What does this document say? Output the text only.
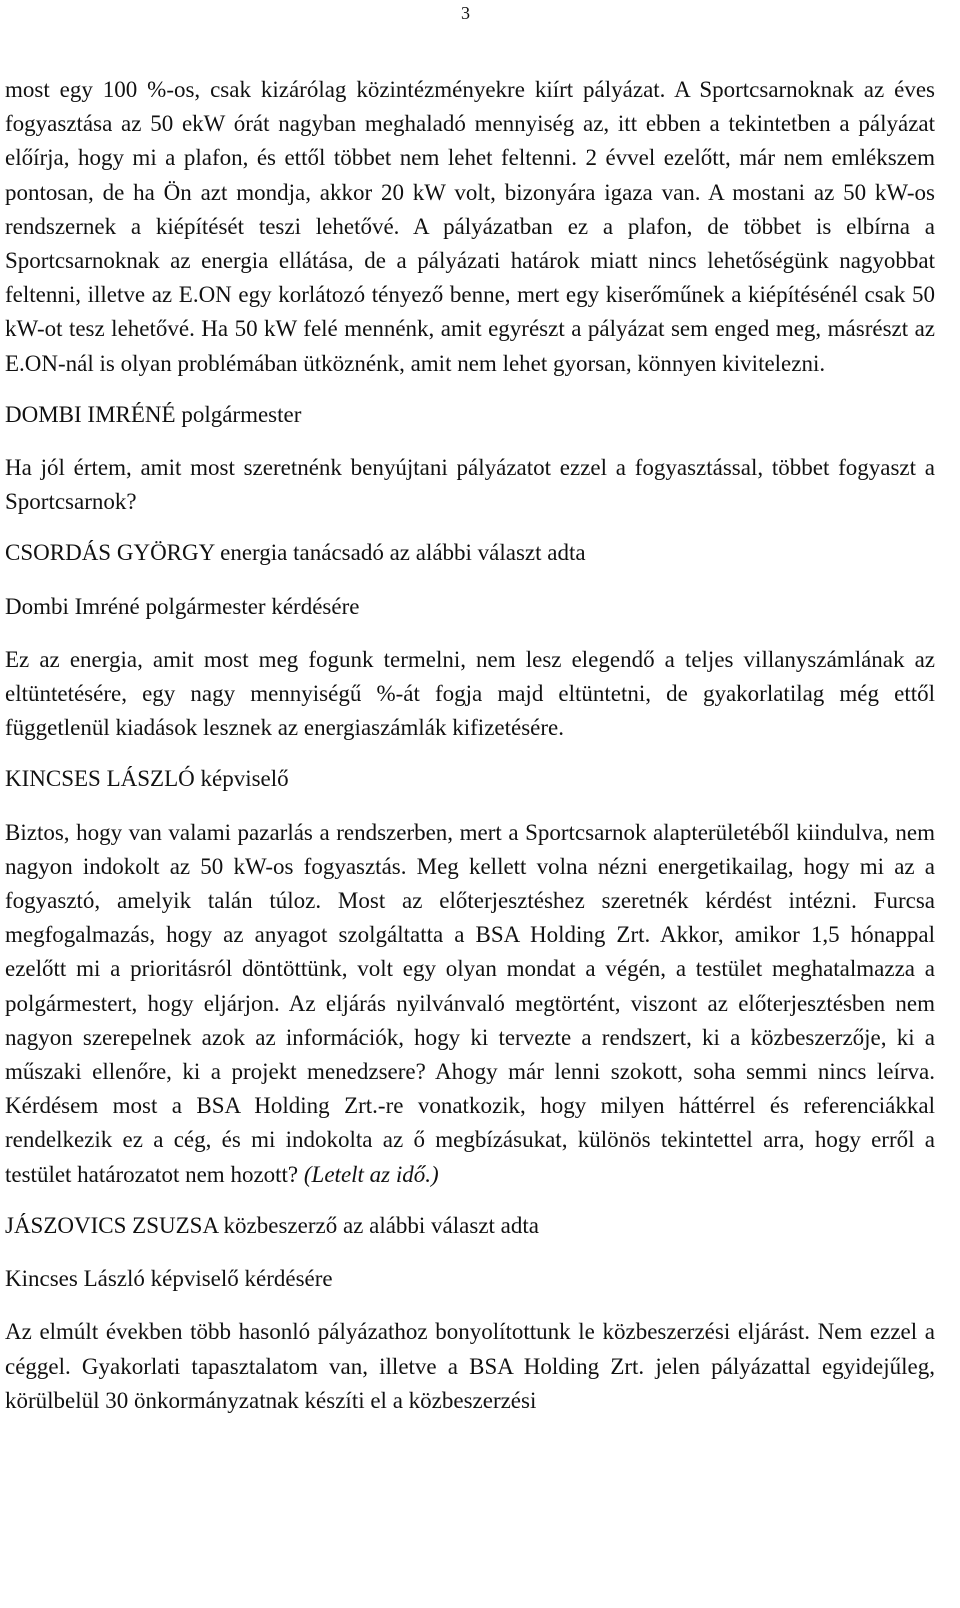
3

most egy 100 %-os, csak kizárólag közintézményekre kiírt pályázat. A Sportcsarnoknak az éves fogyasztása az 50 ekW órát nagyban meghaladó mennyiség az, itt ebben a tekintetben a pályázat előírja, hogy mi a plafon, és ettől többet nem lehet feltenni. 2 évvel ezelőtt, már nem emlékszem pontosan, de ha Ön azt mondja, akkor 20 kW volt, bizonyára igaza van. A mostani az 50 kW-os rendszernek a kiépítését teszi lehetővé. A pályázatban ez a plafon, de többet is elbírna a Sportcsarnoknak az energia ellátása, de a pályázati határok miatt nincs lehetőségünk nagyobbat feltenni, illetve az E.ON egy korlátozó tényező benne, mert egy kiserőműnek a kiépítésénél csak 50 kW-ot tesz lehetővé. Ha 50 kW felé mennénk, amit egyrészt a pályázat sem enged meg, másrészt az E.ON-nál is olyan problémában ütköznénk, amit nem lehet gyorsan, könnyen kivitelezni.

DOMBI IMRÉNÉ polgármester

Ha jól értem, amit most szeretnénk benyújtani pályázatot ezzel a fogyasztással, többet fogyaszt a Sportcsarnok?

CSORDÁS GYÖRGY energia tanácsadó az alábbi választ adta

Dombi Imréné polgármester kérdésére

Ez az energia, amit most meg fogunk termelni, nem lesz elegendő a teljes villanyszámlának az eltüntetésére, egy nagy mennyiségű %-át fogja majd eltüntetni, de gyakorlatilag még ettől függetlenül kiadások lesznek az energiaszámlák kifizetésére.

KINCSES LÁSZLÓ képviselő

Biztos, hogy van valami pazarlás a rendszerben, mert a Sportcsarnok alapterületéből kiindulva, nem nagyon indokolt az 50 kW-os fogyasztás. Meg kellett volna nézni energetikailag, hogy mi az a fogyasztó, amelyik talán túloz. Most az előterjesztéshez szeretnék kérdést intézni. Furcsa megfogalmazás, hogy az anyagot szolgáltatta a BSA Holding Zrt. Akkor, amikor 1,5 hónappal ezelőtt mi a prioritásról döntöttünk, volt egy olyan mondat a végén, a testület meghatalmazza a polgármestert, hogy eljárjon. Az eljárás nyilvánvaló megtörtént, viszont az előterjesztésben nem nagyon szerepelnek azok az információk, hogy ki tervezte a rendszert, ki a közbeszerzője, ki a műszaki ellenőre, ki a projekt menedzsere? Ahogy már lenni szokott, soha semmi nincs leírva. Kérdésem most a BSA Holding Zrt.-re vonatkozik, hogy milyen háttérrel és referenciákkal rendelkezik ez a cég, és mi indokolta az ő megbízásukat, különös tekintettel arra, hogy erről a testület határozatot nem hozott? (Letelt az idő.)

JÁSZOVICS ZSUZSA közbeszerző az alábbi választ adta

Kincses László képviselő kérdésére

Az elmúlt években több hasonló pályázathoz bonyolítottunk le közbeszerzési eljárást. Nem ezzel a céggel. Gyakorlati tapasztalatom van, illetve a BSA Holding Zrt. jelen pályázattal egyidejűleg, körülbelül 30 önkormányzatnak készíti el a közbeszerzési
